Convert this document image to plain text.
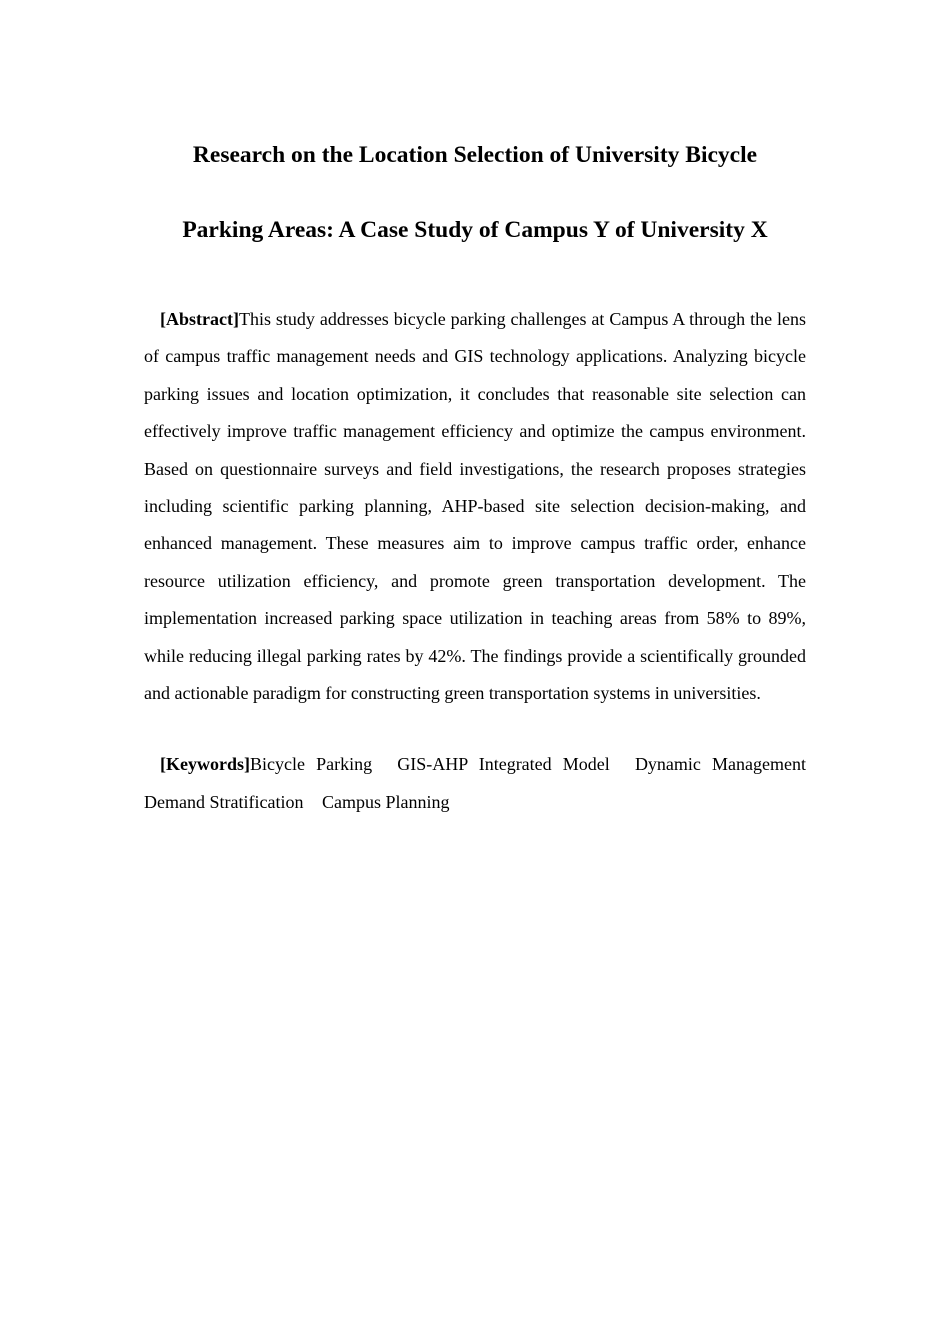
Research on the Location Selection of University Bicycle
Parking Areas: A Case Study of Campus Y of University X

[Abstract]This study addresses bicycle parking challenges at Campus A through the lens of campus traffic management needs and GIS technology applications. Analyzing bicycle parking issues and location optimization, it concludes that reasonable site selection can effectively improve traffic management efficiency and optimize the campus environment. Based on questionnaire surveys and field investigations, the research proposes strategies including scientific parking planning, AHP-based site selection decision-making, and enhanced management. These measures aim to improve campus traffic order, enhance resource utilization efficiency, and promote green transportation development. The implementation increased parking space utilization in teaching areas from 58% to 89%, while reducing illegal parking rates by 42%. The findings provide a scientifically grounded and actionable paradigm for constructing green transportation systems in universities.

[Keywords]Bicycle Parking GIS-AHP Integrated Model Dynamic Management Demand Stratification Campus Planning
